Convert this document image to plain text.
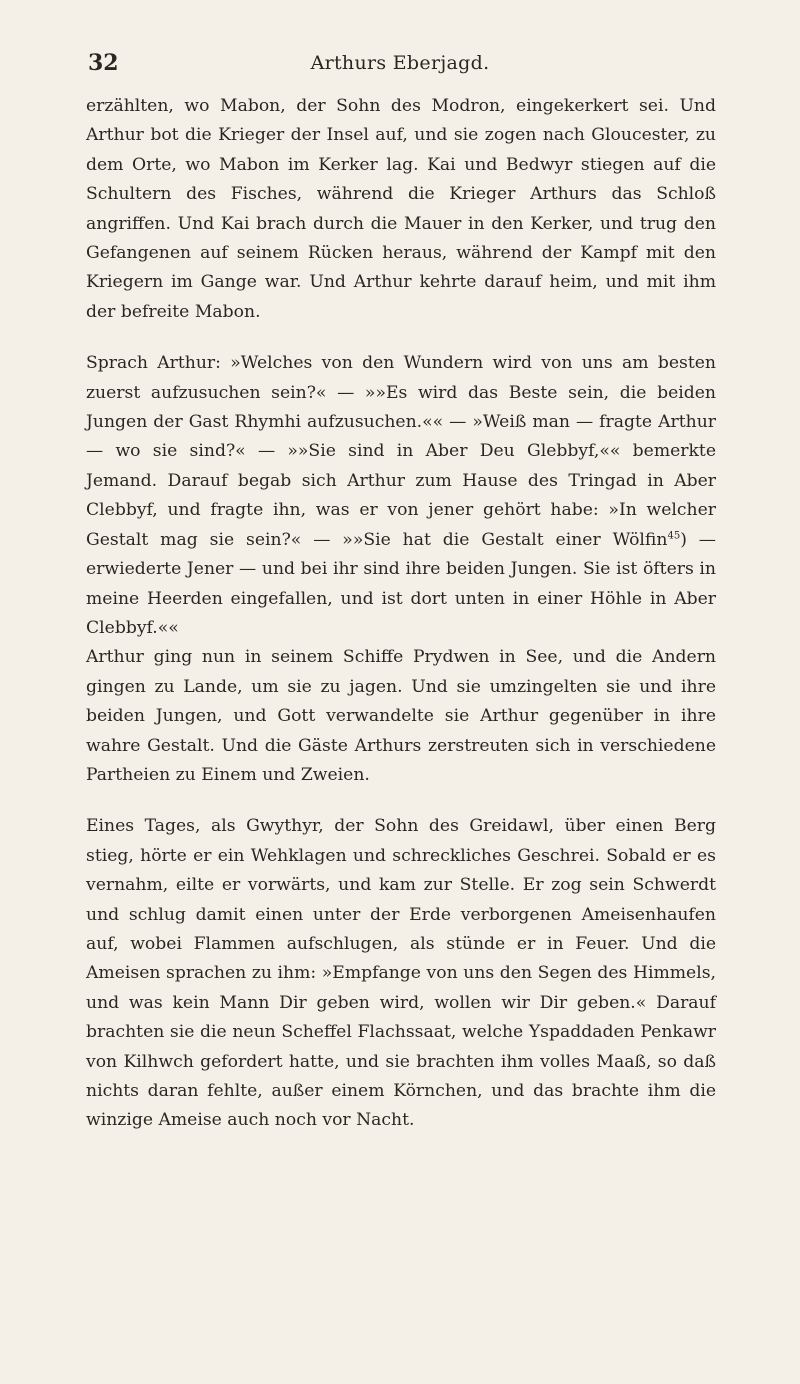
32	Arthurs Eberjagd.

erzählten, wo Mabon, der Sohn des Modron, eingekerkert sei. Und Arthur bot die Krieger der Insel auf, und sie zogen nach Gloucester, zu dem Orte, wo Mabon im Kerker lag. Kai und Bedwyr stiegen auf die Schultern des Fisches, während die Krieger Arthurs das Schloß angriffen. Und Kai brach durch die Mauer in den Kerker, und trug den Gefangenen auf seinem Rücken heraus, während der Kampf mit den Kriegern im Gange war. Und Arthur kehrte darauf heim, und mit ihm der befreite Mabon.

Sprach Arthur: »Welches von den Wundern wird von uns am besten zuerst aufzusuchen sein?« — »»Es wird das Beste sein, die beiden Jungen der Gast Rhymhi aufzusuchen.«« — »Weiß man — fragte Arthur — wo sie sind?« — »»Sie sind in Aber Deu Glebbyf,«« bemerkte Jemand. Darauf begab sich Arthur zum Hause des Tringad in Aber Clebbyf, und fragte ihn, was er von jener gehört habe: »In welcher Gestalt mag sie sein?« — »»Sie hat die Gestalt einer Wölfin$^{45}$) — erwiederte Jener — und bei ihr sind ihre beiden Jungen. Sie ist öfters in meine Heerden eingefallen, und ist dort unten in einer Höhle in Aber Clebbyf.««

Arthur ging nun in seinem Schiffe Prydwen in See, und die Andern gingen zu Lande, um sie zu jagen. Und sie umzingelten sie und ihre beiden Jungen, und Gott verwandelte sie Arthur gegenüber in ihre wahre Gestalt. Und die Gäste Arthurs zerstreuten sich in verschiedene Partheien zu Einem und Zweien.

Eines Tages, als Gwythyr, der Sohn des Greidawl, über einen Berg stieg, hörte er ein Wehklagen und schreckliches Geschrei. Sobald er es vernahm, eilte er vorwärts, und kam zur Stelle. Er zog sein Schwerdt und schlug damit einen unter der Erde verborgenen Ameisenhaufen auf, wobei Flammen aufschlugen, als stünde er in Feuer. Und die Ameisen sprachen zu ihm: »Empfange von uns den Segen des Himmels, und was kein Mann Dir geben wird, wollen wir Dir geben.« Darauf brachten sie die neun Scheffel Flachssaat, welche Yspaddaden Penkawr von Kilhwch gefordert hatte, und sie brachten ihm volles Maaß, so daß nichts daran fehlte, außer einem Körnchen, und das brachte ihm die winzige Ameise auch noch vor Nacht.
